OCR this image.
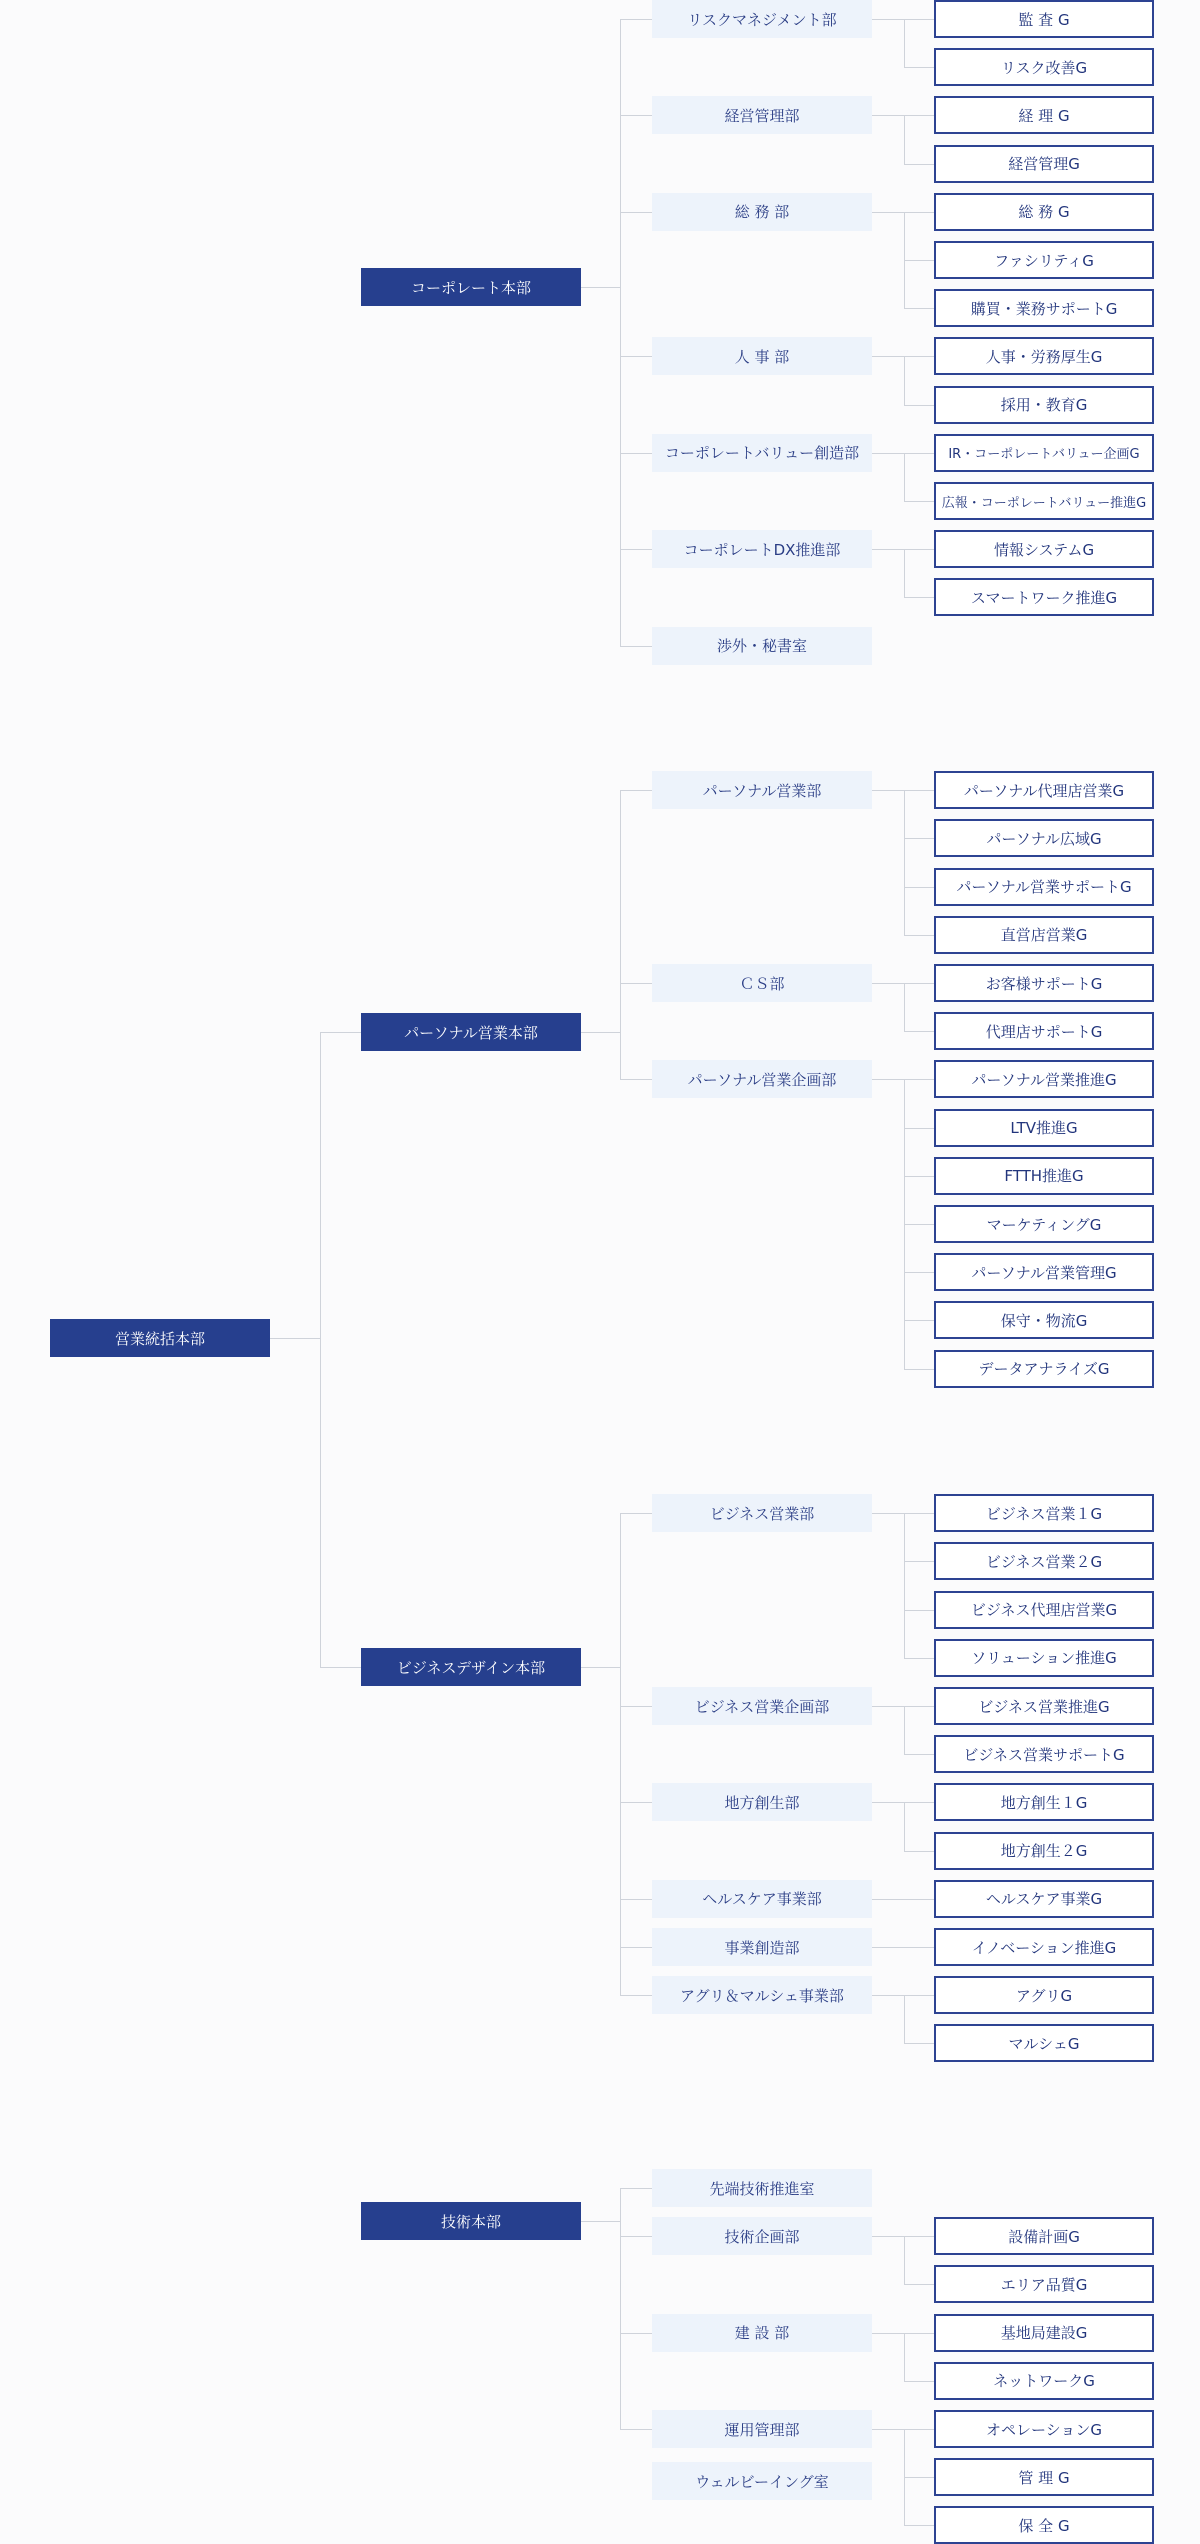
リスクマネジメント部	監 査 G
リスク改善G
経営管理部	経 理 G
経営管理G
総 務 部	総 務 G
ファシリティG
購買・業務サポートG
人 事 部	人事・労務厚生G
採用・教育G
コーポレートバリュー創造部	IR・コーポレートバリュー企画G
広報・コーポレートバリュー推進G
コーポレートDX推進部	情報システムG
スマートワーク推進G
渉外・秘書室
コーポレート本部
パーソナル営業部	パーソナル代理店営業G
パーソナル広域G
パーソナル営業サポートG
直営店営業G
ＣＳ部	お客様サポートG
代理店サポートG
パーソナル営業企画部	パーソナル営業推進G
LTV推進G
FTTH推進G
マーケティングG
パーソナル営業管理G
保守・物流G
データアナライズG
パーソナル営業本部
ビジネス営業部	ビジネス営業１G
ビジネス営業２G
ビジネス代理店営業G
ソリューション推進G
ビジネス営業企画部	ビジネス営業推進G
ビジネス営業サポートG
地方創生部	地方創生１G
地方創生２G
ヘルスケア事業部	ヘルスケア事業G
事業創造部	イノベーション推進G
アグリ＆マルシェ事業部	アグリG
マルシェG
ビジネスデザイン本部
先端技術推進室
技術企画部	設備計画G
エリア品質G
建 設 部	基地局建設G
ネットワークG
運用管理部	オペレーションG
管 理 G
保 全 G
技術本部
営業統括本部
ウェルビーイング室
